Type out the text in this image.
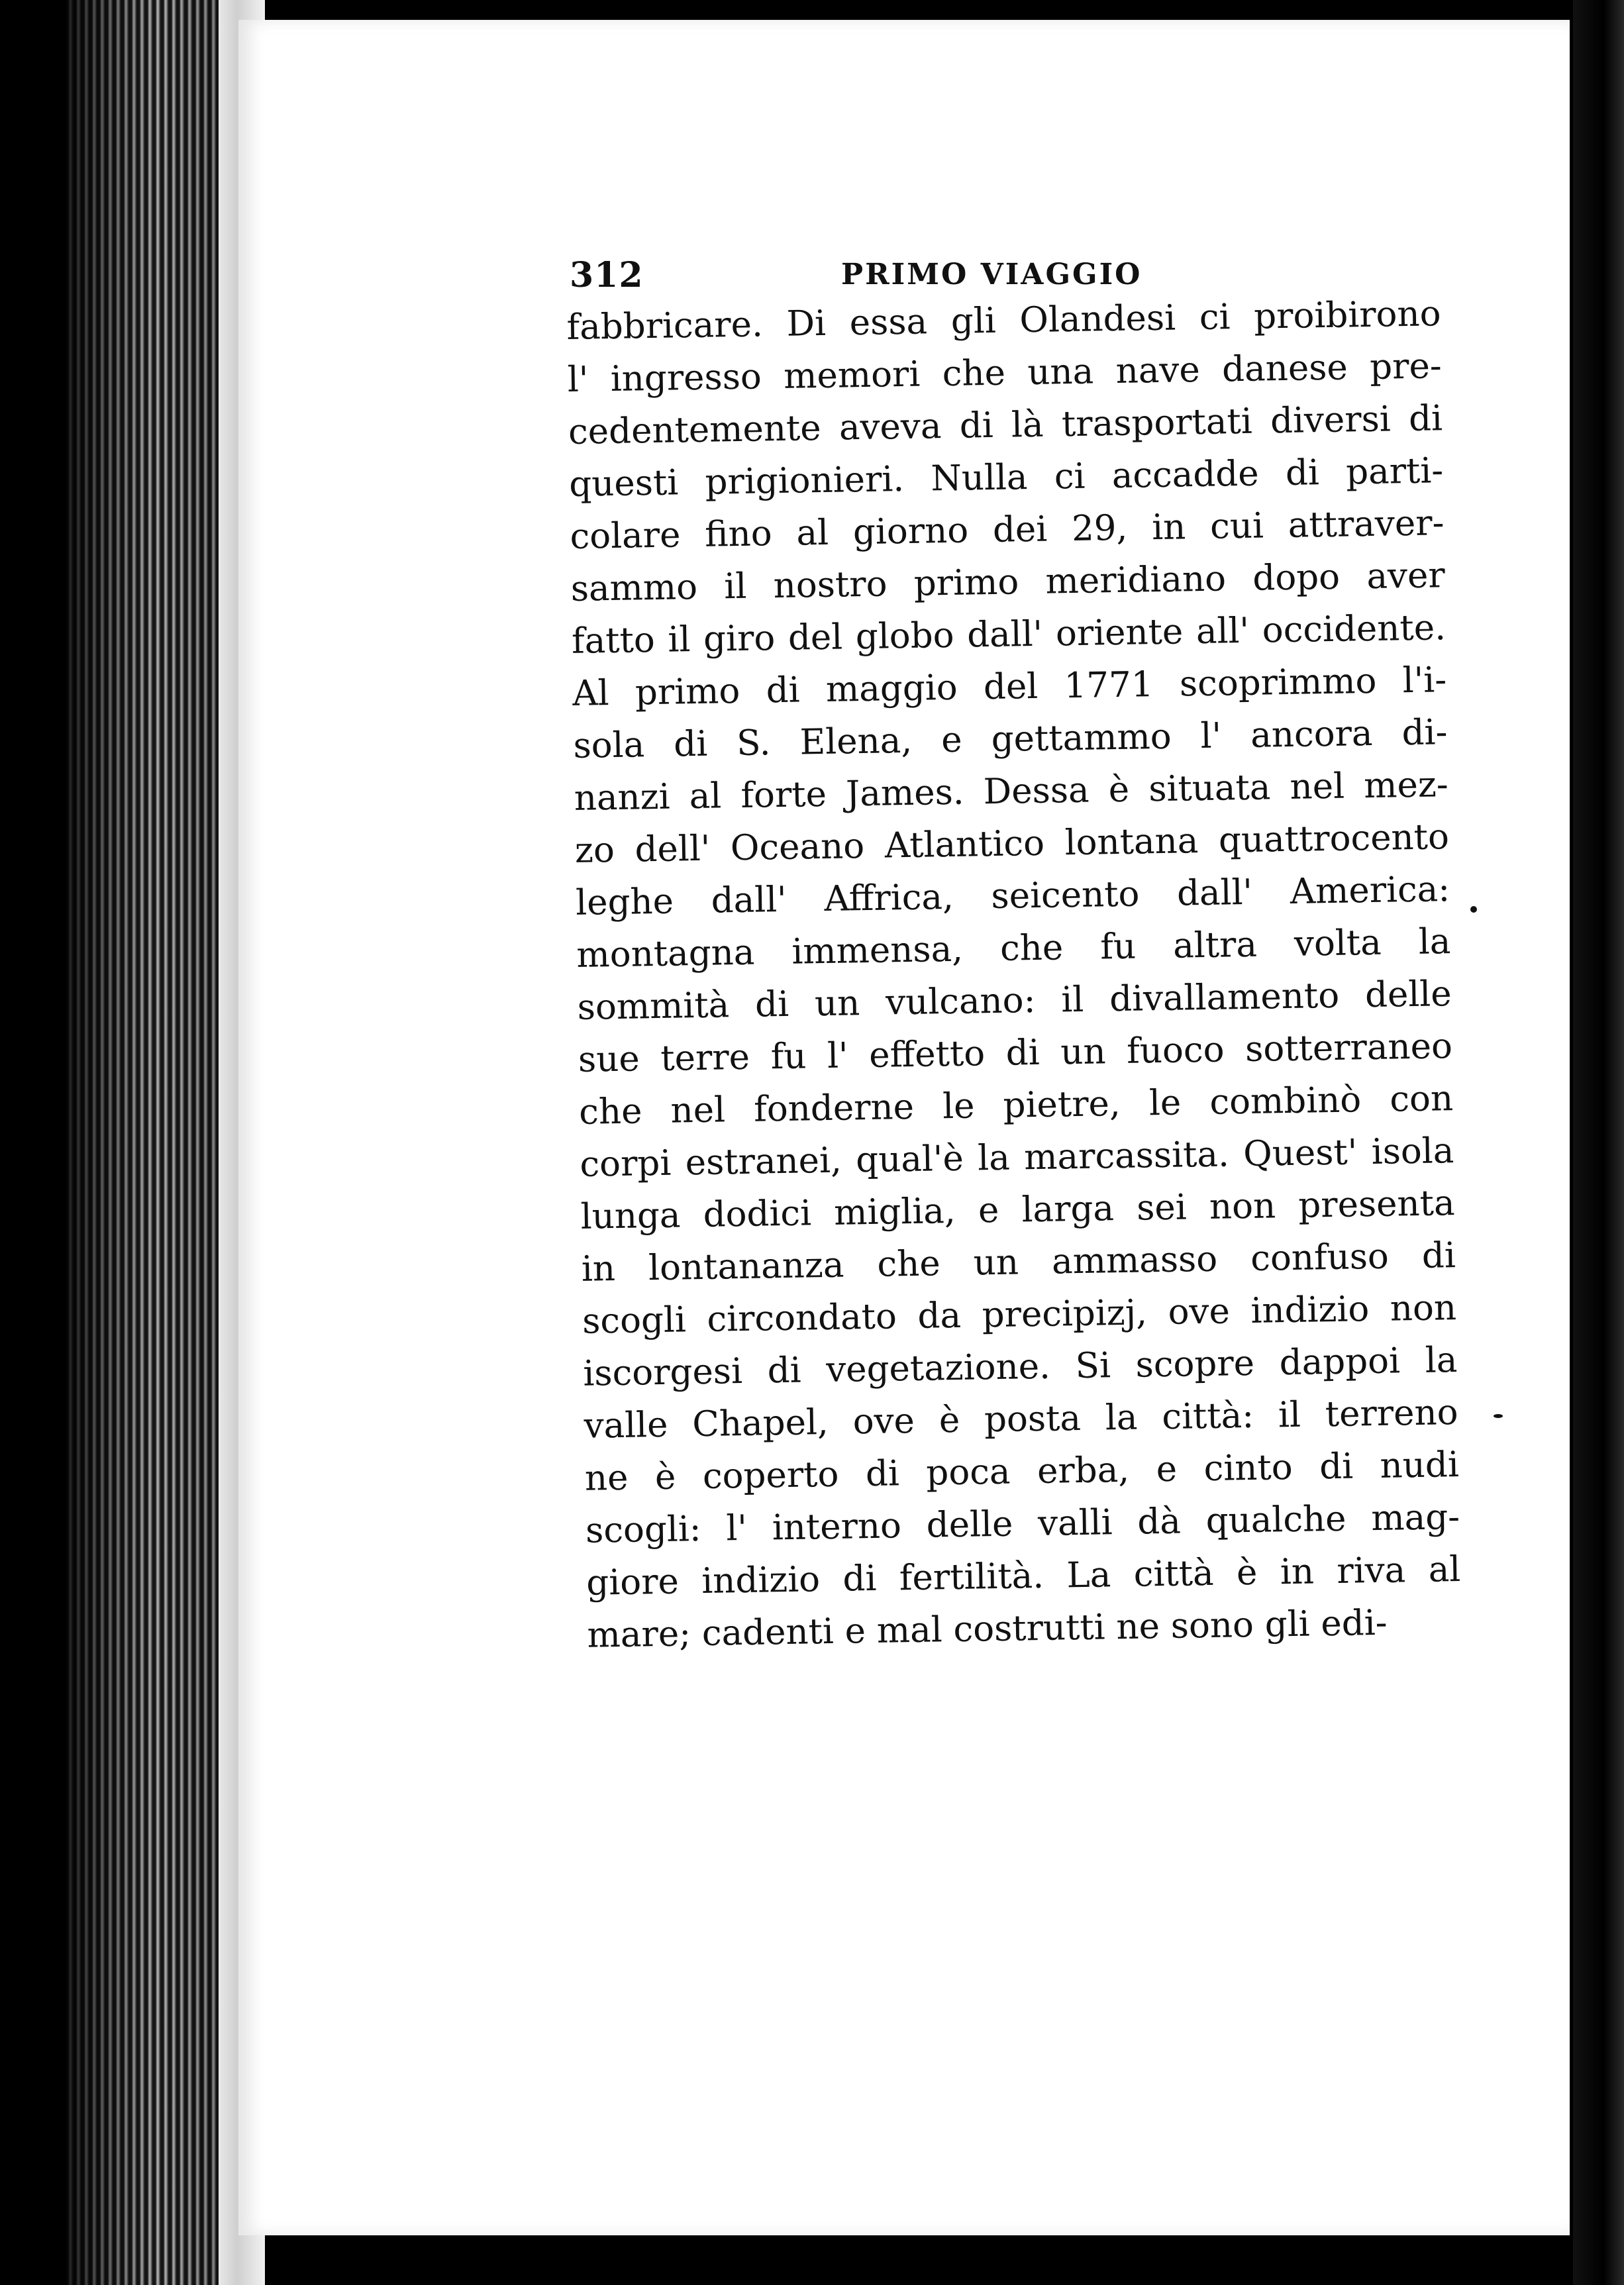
312	PRIMO VIAGGIO
fabbricare. Di essa gli Olandesi ci proibirono
l' ingresso memori che una nave danese pre-
cedentemente aveva di là trasportati diversi di
questi prigionieri. Nulla ci accadde di parti-
colare fino al giorno dei 29, in cui attraver-
sammo il nostro primo meridiano dopo aver
fatto il giro del globo dall' oriente all' occidente.
Al primo di maggio del 1771 scoprimmo l'i-
sola di S. Elena, e gettammo l' ancora di-
nanzi al forte James. Dessa è situata nel mez-
zo dell' Oceano Atlantico lontana quattrocento
leghe dall' Affrica, seicento dall' America:
montagna immensa, che fu altra volta la
sommità di un vulcano: il divallamento delle
sue terre fu l' effetto di un fuoco sotterraneo
che nel fonderne le pietre, le combinò con
corpi estranei, qual'è la marcassita. Quest' isola
lunga dodici miglia, e larga sei non presenta
in lontananza che un ammasso confuso di
scogli circondato da precipizj, ove indizio non
iscorgesi di vegetazione. Si scopre dappoi la
valle Chapel, ove è posta la città: il terreno
ne è coperto di poca erba, e cinto di nudi
scogli: l' interno delle valli dà qualche mag-
giore indizio di fertilità. La città è in riva al
mare; cadenti e mal costrutti ne sono gli edi-
